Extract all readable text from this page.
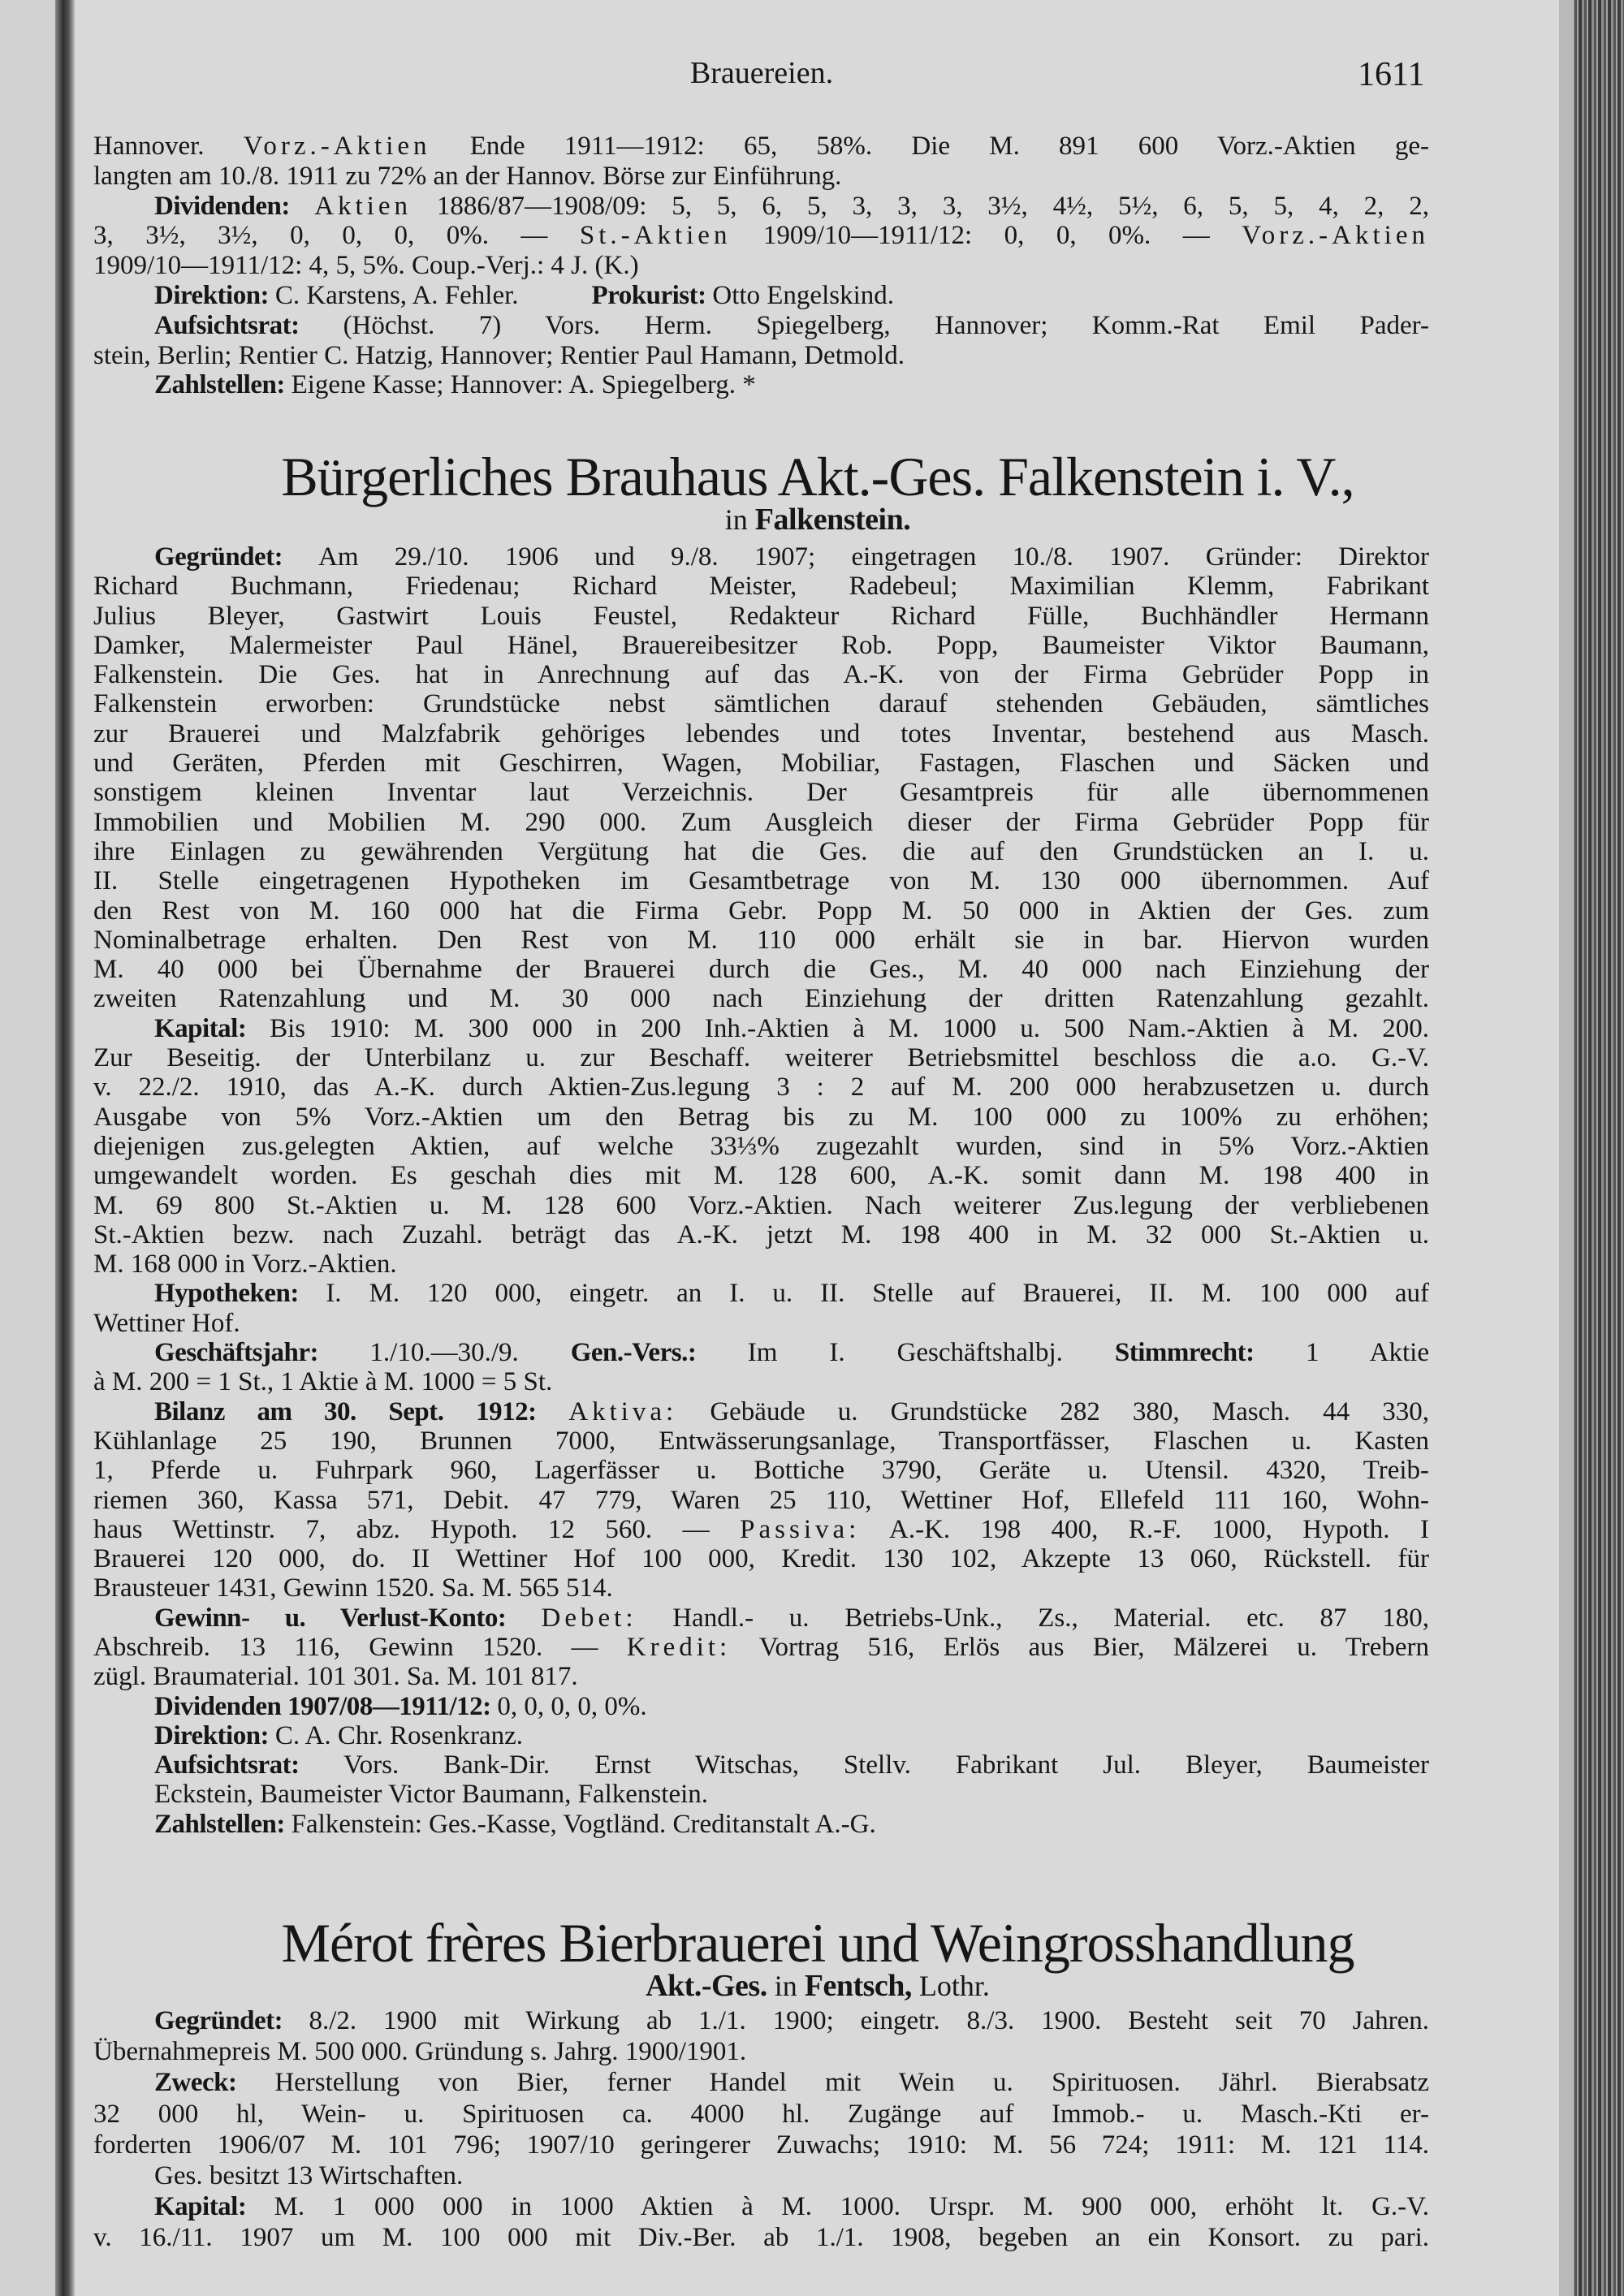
Brauereien.	1611
Hannover. Vorz.-Aktien Ende 1911—1912: 65, 58%. Die M. 891 600 Vorz.-Aktien ge-
langten am 10./8. 1911 zu 72% an der Hannov. Börse zur Einführung.
Dividenden: Aktien 1886/87—1908/09: 5, 5, 6, 5, 3, 3, 3, 3½, 4½, 5½, 6, 5, 5, 4, 2, 2,
3, 3½, 3½, 0, 0, 0, 0%. — St.-Aktien 1909/10—1911/12: 0, 0, 0%. — Vorz.-Aktien
1909/10—1911/12: 4, 5, 5%. Coup.-Verj.: 4 J. (K.)
Direktion: C. Karstens, A. Fehler.	Prokurist: Otto Engelskind.
Aufsichtsrat: (Höchst. 7) Vors. Herm. Spiegelberg, Hannover; Komm.-Rat Emil Pader-
stein, Berlin; Rentier C. Hatzig, Hannover; Rentier Paul Hamann, Detmold.
Zahlstellen: Eigene Kasse; Hannover: A. Spiegelberg. *
Bürgerliches Brauhaus Akt.-Ges. Falkenstein i. V.,
in Falkenstein.
Gegründet: Am 29./10. 1906 und 9./8. 1907; eingetragen 10./8. 1907. Gründer: Direktor
Richard Buchmann, Friedenau; Richard Meister, Radebeul; Maximilian Klemm, Fabrikant
Julius Bleyer, Gastwirt Louis Feustel, Redakteur Richard Fülle, Buchhändler Hermann
Damker, Malermeister Paul Hänel, Brauereibesitzer Rob. Popp, Baumeister Viktor Baumann,
Falkenstein. Die Ges. hat in Anrechnung auf das A.-K. von der Firma Gebrüder Popp in
Falkenstein erworben: Grundstücke nebst sämtlichen darauf stehenden Gebäuden, sämtliches
zur Brauerei und Malzfabrik gehöriges lebendes und totes Inventar, bestehend aus Masch.
und Geräten, Pferden mit Geschirren, Wagen, Mobiliar, Fastagen, Flaschen und Säcken und
sonstigem kleinen Inventar laut Verzeichnis. Der Gesamtpreis für alle übernommenen
Immobilien und Mobilien M. 290 000. Zum Ausgleich dieser der Firma Gebrüder Popp für
ihre Einlagen zu gewährenden Vergütung hat die Ges. die auf den Grundstücken an I. u.
II. Stelle eingetragenen Hypotheken im Gesamtbetrage von M. 130 000 übernommen. Auf
den Rest von M. 160 000 hat die Firma Gebr. Popp M. 50 000 in Aktien der Ges. zum
Nominalbetrage erhalten. Den Rest von M. 110 000 erhält sie in bar. Hiervon wurden
M. 40 000 bei Übernahme der Brauerei durch die Ges., M. 40 000 nach Einziehung der
zweiten Ratenzahlung und M. 30 000 nach Einziehung der dritten Ratenzahlung gezahlt.
Kapital: Bis 1910: M. 300 000 in 200 Inh.-Aktien à M. 1000 u. 500 Nam.-Aktien à M. 200.
Zur Beseitig. der Unterbilanz u. zur Beschaff. weiterer Betriebsmittel beschloss die a.o. G.-V.
v. 22./2. 1910, das A.-K. durch Aktien-Zus.legung 3 : 2 auf M. 200 000 herabzusetzen u. durch
Ausgabe von 5% Vorz.-Aktien um den Betrag bis zu M. 100 000 zu 100% zu erhöhen;
diejenigen zus.gelegten Aktien, auf welche 33⅓% zugezahlt wurden, sind in 5% Vorz.-Aktien
umgewandelt worden. Es geschah dies mit M. 128 600, A.-K. somit dann M. 198 400 in
M. 69 800 St.-Aktien u. M. 128 600 Vorz.-Aktien. Nach weiterer Zus.legung der verbliebenen
St.-Aktien bezw. nach Zuzahl. beträgt das A.-K. jetzt M. 198 400 in M. 32 000 St.-Aktien u.
M. 168 000 in Vorz.-Aktien.
Hypotheken: I. M. 120 000, eingetr. an I. u. II. Stelle auf Brauerei, II. M. 100 000 auf
Wettiner Hof.
Geschäftsjahr: 1./10.—30./9. Gen.-Vers.: Im I. Geschäftshalbj. Stimmrecht: 1 Aktie
à M. 200 = 1 St., 1 Aktie à M. 1000 = 5 St.
Bilanz am 30. Sept. 1912: Aktiva: Gebäude u. Grundstücke 282 380, Masch. 44 330,
Kühlanlage 25 190, Brunnen 7000, Entwässerungsanlage, Transportfässer, Flaschen u. Kasten
1, Pferde u. Fuhrpark 960, Lagerfässer u. Bottiche 3790, Geräte u. Utensil. 4320, Treib-
riemen 360, Kassa 571, Debit. 47 779, Waren 25 110, Wettiner Hof, Ellefeld 111 160, Wohn-
haus Wettinstr. 7, abz. Hypoth. 12 560. — Passiva: A.-K. 198 400, R.-F. 1000, Hypoth. I
Brauerei 120 000, do. II Wettiner Hof 100 000, Kredit. 130 102, Akzepte 13 060, Rückstell. für
Brausteuer 1431, Gewinn 1520. Sa. M. 565 514.
Gewinn- u. Verlust-Konto: Debet: Handl.- u. Betriebs-Unk., Zs., Material. etc. 87 180,
Abschreib. 13 116, Gewinn 1520. — Kredit: Vortrag 516, Erlös aus Bier, Mälzerei u. Trebern
zügl. Braumaterial. 101 301. Sa. M. 101 817.
Dividenden 1907/08—1911/12: 0, 0, 0, 0, 0%.
Direktion: C. A. Chr. Rosenkranz.
Aufsichtsrat: Vors. Bank-Dir. Ernst Witschas, Stellv. Fabrikant Jul. Bleyer, Baumeister
Eckstein, Baumeister Victor Baumann, Falkenstein.
Zahlstellen: Falkenstein: Ges.-Kasse, Vogtländ. Creditanstalt A.-G.
Mérot frères Bierbrauerei und Weingrosshandlung
Akt.-Ges. in Fentsch, Lothr.
Gegründet: 8./2. 1900 mit Wirkung ab 1./1. 1900; eingetr. 8./3. 1900. Besteht seit 70 Jahren.
Übernahmepreis M. 500 000. Gründung s. Jahrg. 1900/1901.
Zweck: Herstellung von Bier, ferner Handel mit Wein u. Spirituosen. Jährl. Bierabsatz
32 000 hl, Wein- u. Spirituosen ca. 4000 hl. Zugänge auf Immob.- u. Masch.-Kti er-
forderten 1906/07 M. 101 796; 1907/10 geringerer Zuwachs; 1910: M. 56 724; 1911: M. 121 114.
Ges. besitzt 13 Wirtschaften.
Kapital: M. 1 000 000 in 1000 Aktien à M. 1000. Urspr. M. 900 000, erhöht lt. G.-V.
v. 16./11. 1907 um M. 100 000 mit Div.-Ber. ab 1./1. 1908, begeben an ein Konsort. zu pari.
